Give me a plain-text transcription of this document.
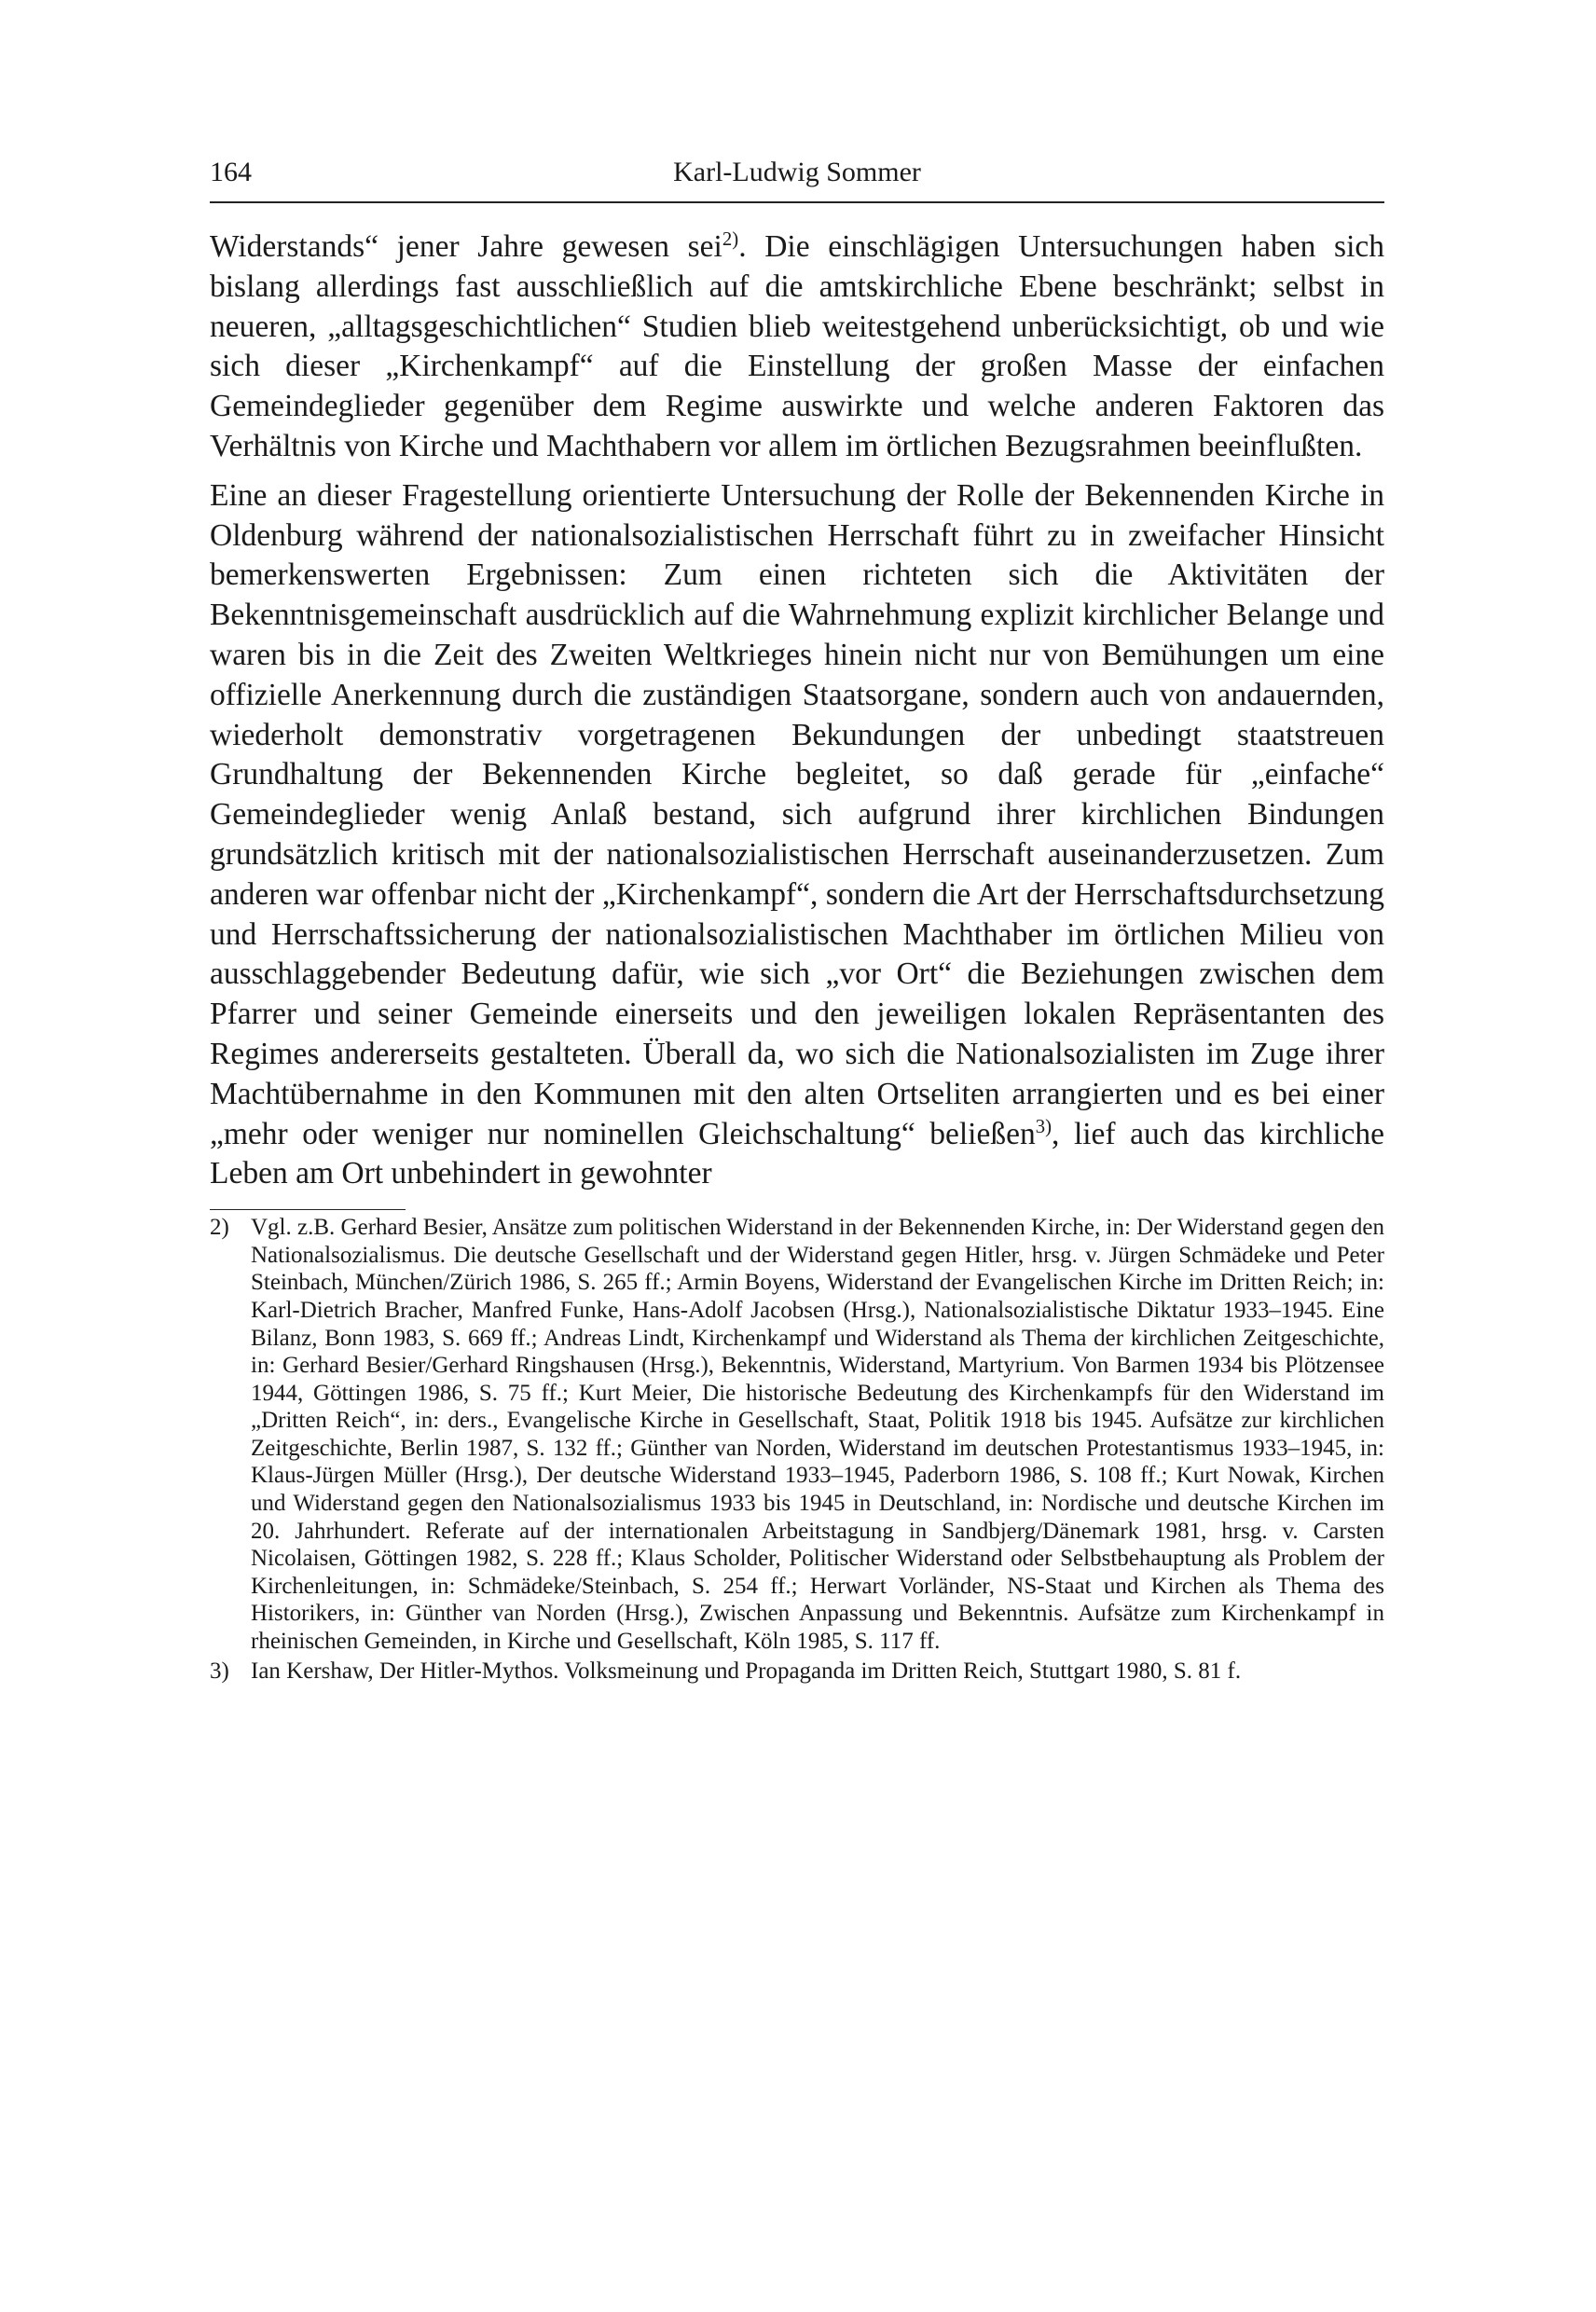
164	Karl-Ludwig Sommer

Widerstands“ jener Jahre gewesen sei$^{2)}$. Die einschlägigen Untersuchungen haben sich bislang allerdings fast ausschließlich auf die amtskirchliche Ebene beschränkt; selbst in neueren, „alltagsgeschichtlichen“ Studien blieb weitestgehend unberücksichtigt, ob und wie sich dieser „Kirchenkampf“ auf die Einstellung der großen Masse der einfachen Gemeindeglieder gegenüber dem Regime auswirkte und welche anderen Faktoren das Verhältnis von Kirche und Machthabern vor allem im örtlichen Bezugsrahmen beeinflußten.

Eine an dieser Fragestellung orientierte Untersuchung der Rolle der Bekennenden Kirche in Oldenburg während der nationalsozialistischen Herrschaft führt zu in zweifacher Hinsicht bemerkenswerten Ergebnissen: Zum einen richteten sich die Aktivitäten der Bekenntnisgemeinschaft ausdrücklich auf die Wahrnehmung explizit kirchlicher Belange und waren bis in die Zeit des Zweiten Weltkrieges hinein nicht nur von Bemühungen um eine offizielle Anerkennung durch die zuständigen Staatsorgane, sondern auch von andauernden, wiederholt demonstrativ vorgetragenen Bekundungen der unbedingt staatstreuen Grundhaltung der Bekennenden Kirche begleitet, so daß gerade für „einfache“ Gemeindeglieder wenig Anlaß bestand, sich aufgrund ihrer kirchlichen Bindungen grundsätzlich kritisch mit der nationalsozialistischen Herrschaft auseinanderzusetzen. Zum anderen war offenbar nicht der „Kirchenkampf“, sondern die Art der Herrschaftsdurchsetzung und Herrschaftssicherung der nationalsozialistischen Machthaber im örtlichen Milieu von ausschlaggebender Bedeutung dafür, wie sich „vor Ort“ die Beziehungen zwischen dem Pfarrer und seiner Gemeinde einerseits und den jeweiligen lokalen Repräsentanten des Regimes andererseits gestalteten. Überall da, wo sich die Nationalsozialisten im Zuge ihrer Machtübernahme in den Kommunen mit den alten Ortseliten arrangierten und es bei einer „mehr oder weniger nur nominellen Gleichschaltung“ beließen$^{3)}$, lief auch das kirchliche Leben am Ort unbehindert in gewohnter

2) Vgl. z.B. Gerhard Besier, Ansätze zum politischen Widerstand in der Bekennenden Kirche, in: Der Widerstand gegen den Nationalsozialismus. Die deutsche Gesellschaft und der Widerstand gegen Hitler, hrsg. v. Jürgen Schmädeke und Peter Steinbach, München/Zürich 1986, S. 265 ff.; Armin Boyens, Widerstand der Evangelischen Kirche im Dritten Reich; in: Karl-Dietrich Bracher, Manfred Funke, Hans-Adolf Jacobsen (Hrsg.), Nationalsozialistische Diktatur 1933–1945. Eine Bilanz, Bonn 1983, S. 669 ff.; Andreas Lindt, Kirchenkampf und Widerstand als Thema der kirchlichen Zeitgeschichte, in: Gerhard Besier/Gerhard Ringshausen (Hrsg.), Bekenntnis, Widerstand, Martyrium. Von Barmen 1934 bis Plötzensee 1944, Göttingen 1986, S. 75 ff.; Kurt Meier, Die historische Bedeutung des Kirchenkampfs für den Widerstand im „Dritten Reich“, in: ders., Evangelische Kirche in Gesellschaft, Staat, Politik 1918 bis 1945. Aufsätze zur kirchlichen Zeitgeschichte, Berlin 1987, S. 132 ff.; Günther van Norden, Widerstand im deutschen Protestantismus 1933–1945, in: Klaus-Jürgen Müller (Hrsg.), Der deutsche Widerstand 1933–1945, Paderborn 1986, S. 108 ff.; Kurt Nowak, Kirchen und Widerstand gegen den Nationalsozialismus 1933 bis 1945 in Deutschland, in: Nordische und deutsche Kirchen im 20. Jahrhundert. Referate auf der internationalen Arbeitstagung in Sandbjerg/Dänemark 1981, hrsg. v. Carsten Nicolaisen, Göttingen 1982, S. 228 ff.; Klaus Scholder, Politischer Widerstand oder Selbstbehauptung als Problem der Kirchenleitungen, in: Schmädeke/Steinbach, S. 254 ff.; Herwart Vorländer, NS-Staat und Kirchen als Thema des Historikers, in: Günther van Norden (Hrsg.), Zwischen Anpassung und Bekenntnis. Aufsätze zum Kirchenkampf in rheinischen Gemeinden, in Kirche und Gesellschaft, Köln 1985, S. 117 ff.
3) Ian Kershaw, Der Hitler-Mythos. Volksmeinung und Propaganda im Dritten Reich, Stuttgart 1980, S. 81 f.
